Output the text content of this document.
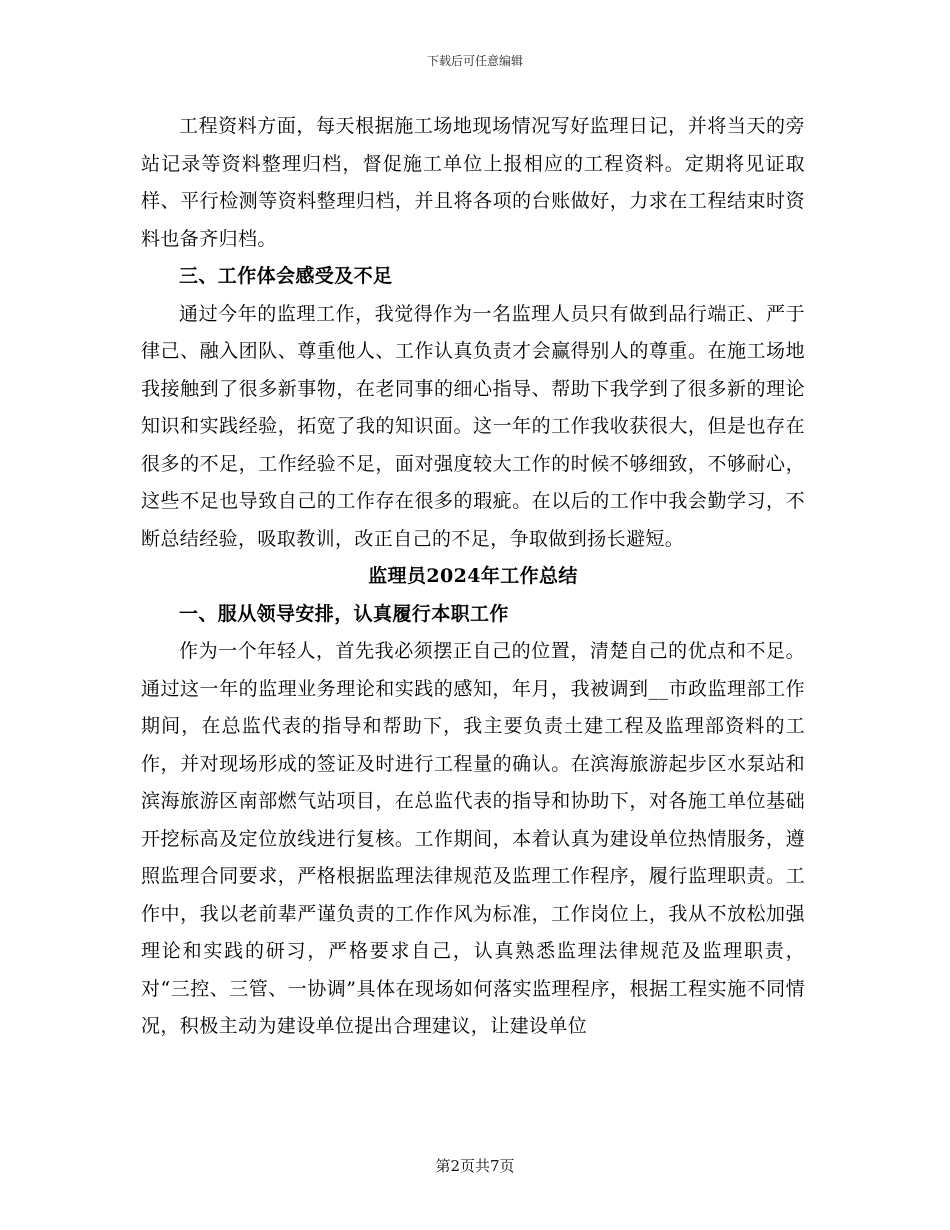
下载后可任意编辑

工程资料方面，每天根据施工场地现场情况写好监理日记，并将当天的旁站记录等资料整理归档，督促施工单位上报相应的工程资料。定期将见证取样、平行检测等资料整理归档，并且将各项的台账做好，力求在工程结束时资料也备齐归档。

三、工作体会感受及不足

通过今年的监理工作，我觉得作为一名监理人员只有做到品行端正、严于律己、融入团队、尊重他人、工作认真负责才会赢得别人的尊重。在施工场地我接触到了很多新事物，在老同事的细心指导、帮助下我学到了很多新的理论知识和实践经验，拓宽了我的知识面。这一年的工作我收获很大，但是也存在很多的不足，工作经验不足，面对强度较大工作的时候不够细致，不够耐心，这些不足也导致自己的工作存在很多的瑕疵。在以后的工作中我会勤学习，不断总结经验，吸取教训，改正自己的不足，争取做到扬长避短。

监理员2024年工作总结

一、服从领导安排，认真履行本职工作

作为一个年轻人，首先我必须摆正自己的位置，清楚自己的优点和不足。通过这一年的监理业务理论和实践的感知，年月，我被调到__市政监理部工作期间，在总监代表的指导和帮助下，我主要负责土建工程及监理部资料的工作，并对现场形成的签证及时进行工程量的确认。在滨海旅游起步区水泵站和滨海旅游区南部燃气站项目，在总监代表的指导和协助下，对各施工单位基础开挖标高及定位放线进行复核。工作期间，本着认真为建设单位热情服务，遵照监理合同要求，严格根据监理法律规范及监理工作程序，履行监理职责。工作中，我以老前辈严谨负责的工作作风为标准，工作岗位上，我从不放松加强理论和实践的研习，严格要求自己，认真熟悉监理法律规范及监理职责，对“三控、三管、一协调”具体在现场如何落实监理程序，根据工程实施不同情况，积极主动为建设单位提出合理建议，让建设单位

第2页共7页
